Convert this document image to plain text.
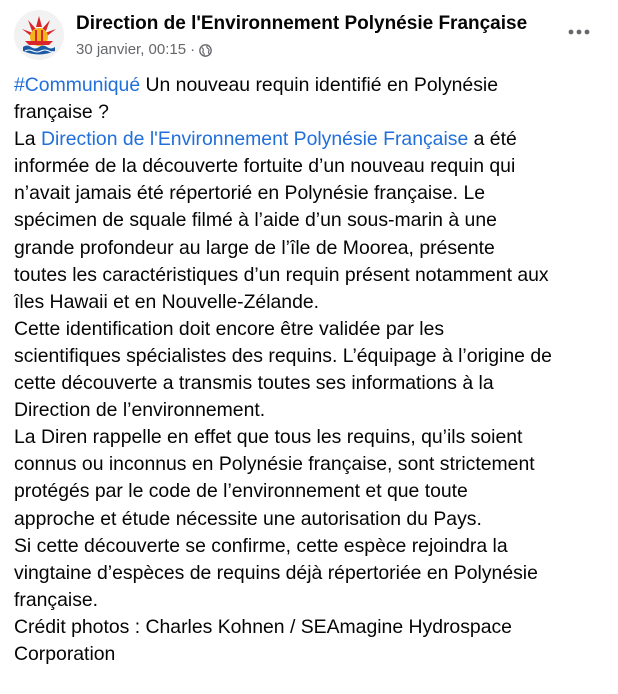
Direction de l'Environnement Polynésie Française
30 janvier, 00:15 ·
#Communiqué Un nouveau requin identifié en Polynésie
française ?
La Direction de l'Environnement Polynésie Française a été
informée de la découverte fortuite d’un nouveau requin qui
n’avait jamais été répertorié en Polynésie française. Le
spécimen de squale filmé à l’aide d’un sous-marin à une
grande profondeur au large de l’île de Moorea, présente
toutes les caractéristiques d’un requin présent notamment aux
îles Hawaii et en Nouvelle-Zélande.
Cette identification doit encore être validée par les
scientifiques spécialistes des requins. L’équipage à l’origine de
cette découverte a transmis toutes ses informations à la
Direction de l’environnement.
La Diren rappelle en effet que tous les requins, qu’ils soient
connus ou inconnus en Polynésie française, sont strictement
protégés par le code de l’environnement et que toute
approche et étude nécessite une autorisation du Pays.
Si cette découverte se confirme, cette espèce rejoindra la
vingtaine d’espèces de requins déjà répertoriée en Polynésie
française.
Crédit photos : Charles Kohnen / SEAmagine Hydrospace
Corporation
